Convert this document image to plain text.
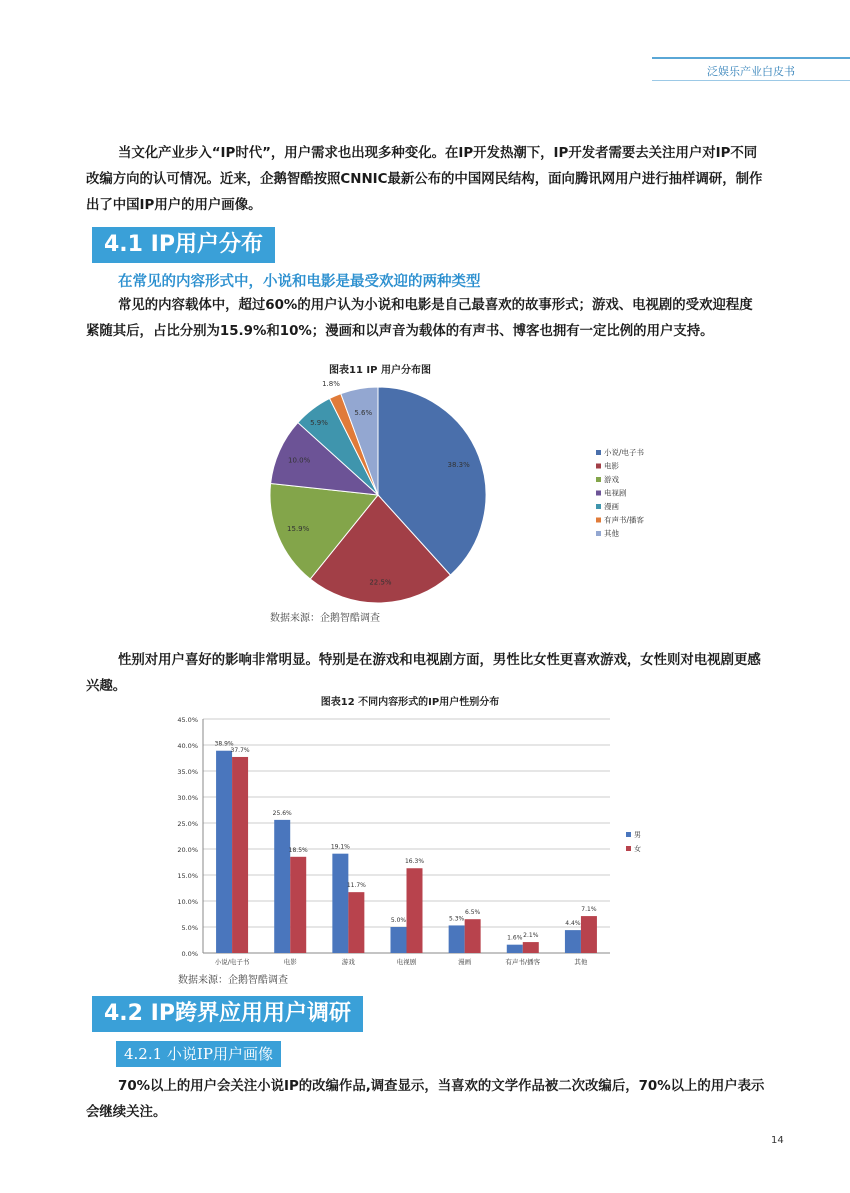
泛娱乐产业白皮书
当文化产业步入“IP时代”，用户需求也出现多种变化。在IP开发热潮下，IP开发者需要去关注用户对IP不同改编方向的认可情况。近来，企鹅智酷按照CNNIC最新公布的中国网民结构，面向腾讯网用户进行抽样调研，制作出了中国IP用户的用户画像。
4.1 IP用户分布
在常见的内容形式中，小说和电影是最受欢迎的两种类型
常见的内容载体中，超过60%的用户认为小说和电影是自己最喜欢的故事形式；游戏、电视剧的受欢迎程度紧随其后，占比分别为15.9%和10%；漫画和以声音为载体的有声书、博客也拥有一定比例的用户支持。
图表11 IP 用户分布图
38.3%
22.5%
15.9%
10.0%
5.9%
1.8%
5.6%
小说/电子书
电影
游戏
电视剧
漫画
有声书/播客
其他
数据来源：企鹅智酷调查
性别对用户喜好的影响非常明显。特别是在游戏和电视剧方面，男性比女性更喜欢游戏，女性则对电视剧更感兴趣。
图表12 不同内容形式的IP用户性别分布
0.0%
5.0%
10.0%
15.0%
20.0%
25.0%
30.0%
35.0%
40.0%
45.0%
38.9%
37.7%
小说/电子书
25.6%
18.5%
电影
19.1%
11.7%
游戏
5.0%
16.3%
电视剧
5.3%
6.5%
漫画
1.6% 2.1%
有声书/播客
4.4%
7.1%
其他
男
女
数据来源：企鹅智酷调查
4.2 IP跨界应用用户调研
4.2.1 小说IP用户画像
70%以上的用户会关注小说IP的改编作品,调查显示，当喜欢的文学作品被二次改编后，70%以上的用户表示会继续关注。
14
